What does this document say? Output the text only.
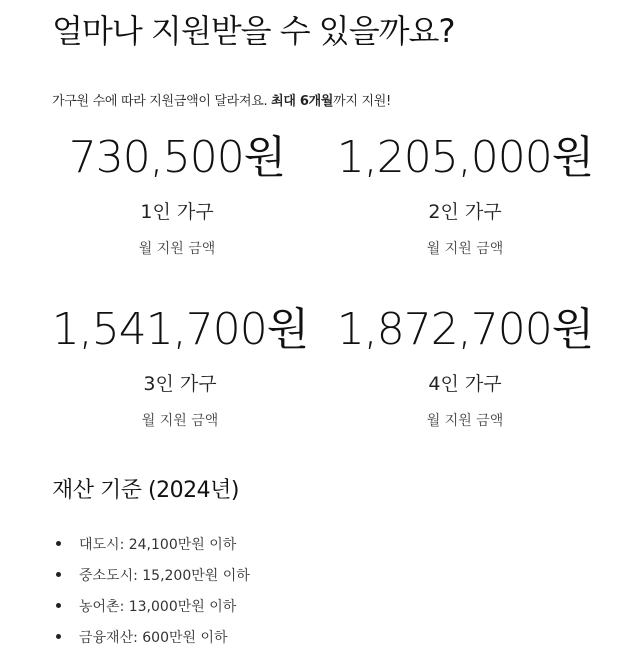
얼마나 지원받을 수 있을까요?
가구원 수에 따라 지원금액이 달라져요. 최대 6개월까지 지원!
730,500원
1인 가구
월 지원 금액
1,205,000원
2인 가구
월 지원 금액
1,541,700원
3인 가구
월 지원 금액
1,872,700원
4인 가구
월 지원 금액
재산 기준 (2024년)
대도시: 24,100만원 이하
중소도시: 15,200만원 이하
농어촌: 13,000만원 이하
금융재산: 600만원 이하
